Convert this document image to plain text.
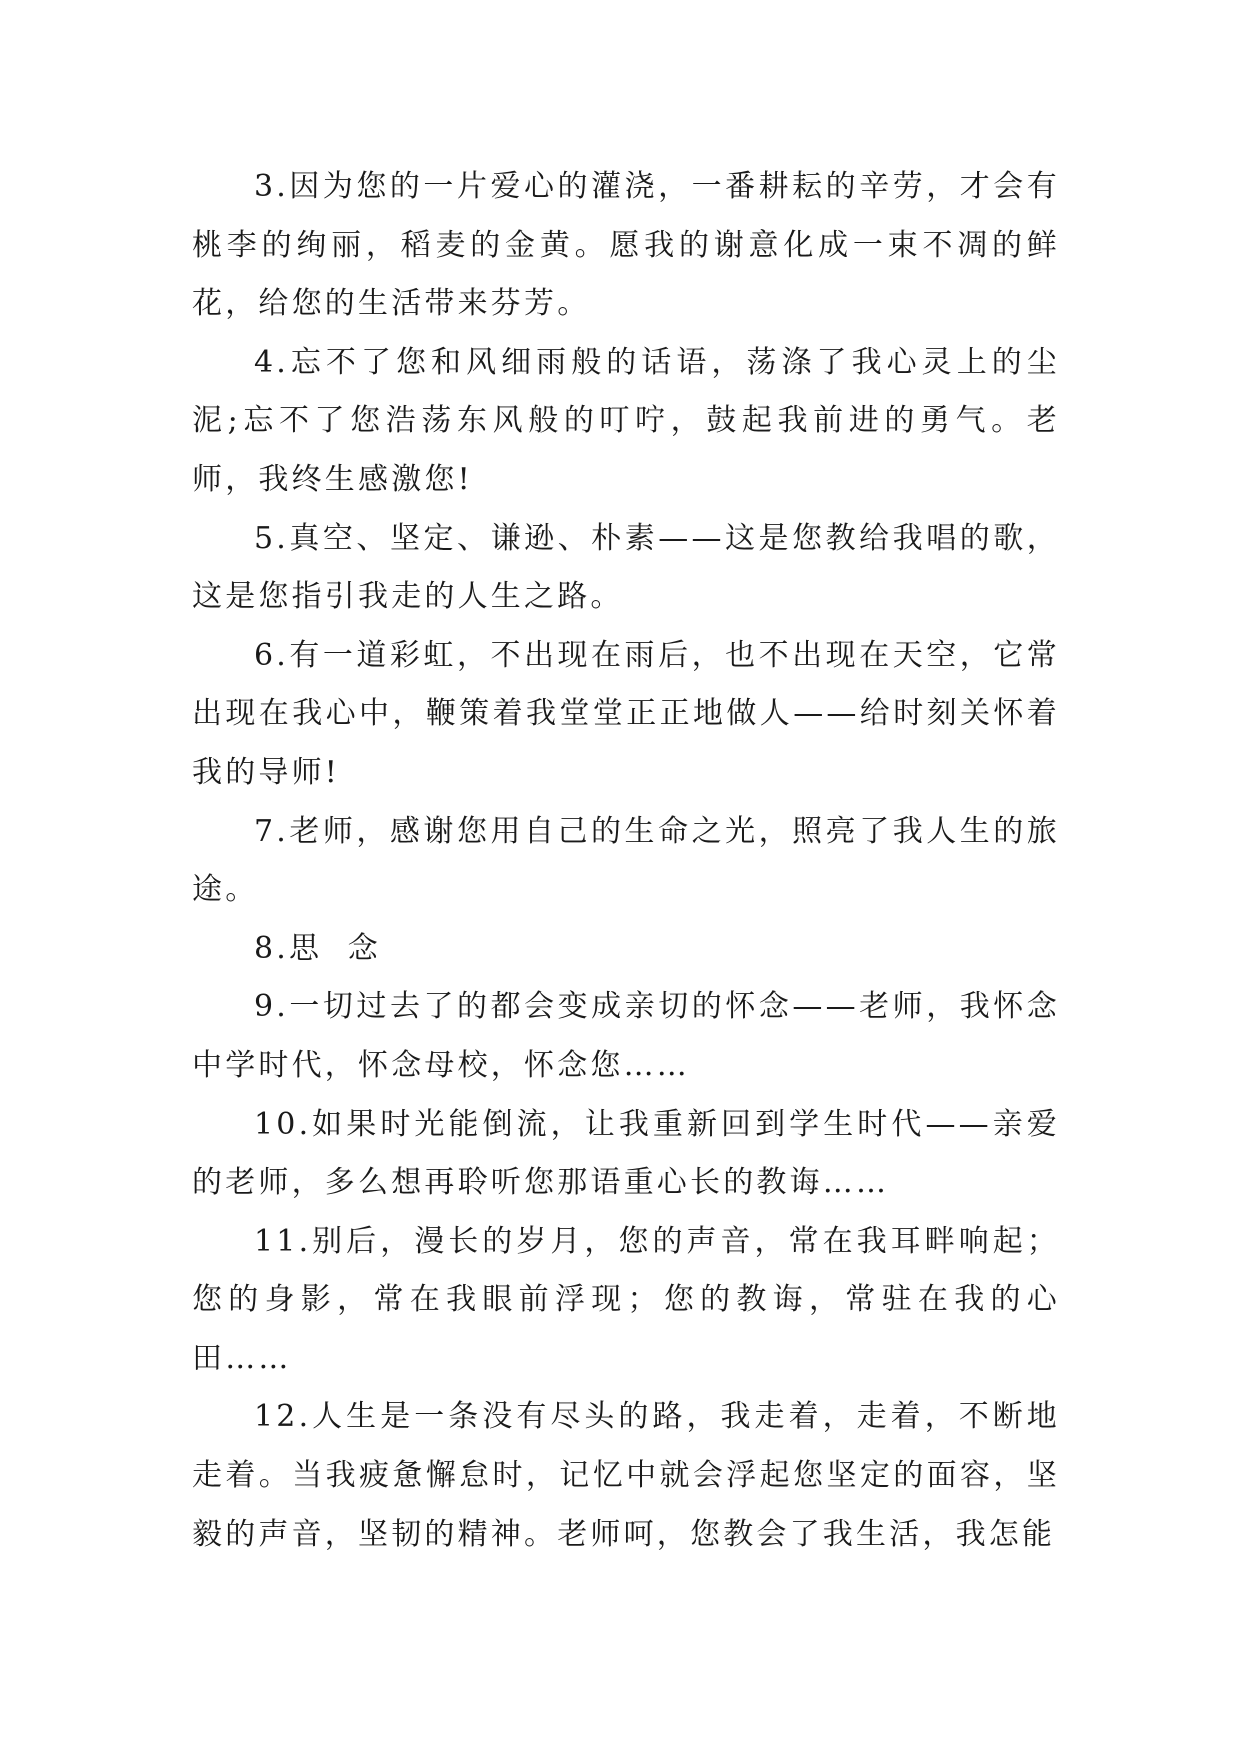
3.因为您的一片爱心的灌浇，一番耕耘的辛劳，才会有桃李的绚丽，稻麦的金黄。愿我的谢意化成一束不凋的鲜花，给您的生活带来芬芳。

4.忘不了您和风细雨般的话语，荡涤了我心灵上的尘泥;忘不了您浩荡东风般的叮咛，鼓起我前进的勇气。老师，我终生感激您!

5.真空、坚定、谦逊、朴素——这是您教给我唱的歌，这是您指引我走的人生之路。

6.有一道彩虹，不出现在雨后，也不出现在天空，它常出现在我心中，鞭策着我堂堂正正地做人——给时刻关怀着我的导师!

7.老师，感谢您用自己的生命之光，照亮了我人生的旅途。

8.思  念

9.一切过去了的都会变成亲切的怀念——老师，我怀念中学时代，怀念母校，怀念您……

10.如果时光能倒流，让我重新回到学生时代——亲爱的老师，多么想再聆听您那语重心长的教诲……

11.别后，漫长的岁月，您的声音，常在我耳畔响起；您的身影，常在我眼前浮现；您的教诲，常驻在我的心田……

12.人生是一条没有尽头的路，我走着，走着，不断地走着。当我疲惫懈怠时，记忆中就会浮起您坚定的面容，坚毅的声音，坚韧的精神。老师呵，您教会了我生活，我怎能
